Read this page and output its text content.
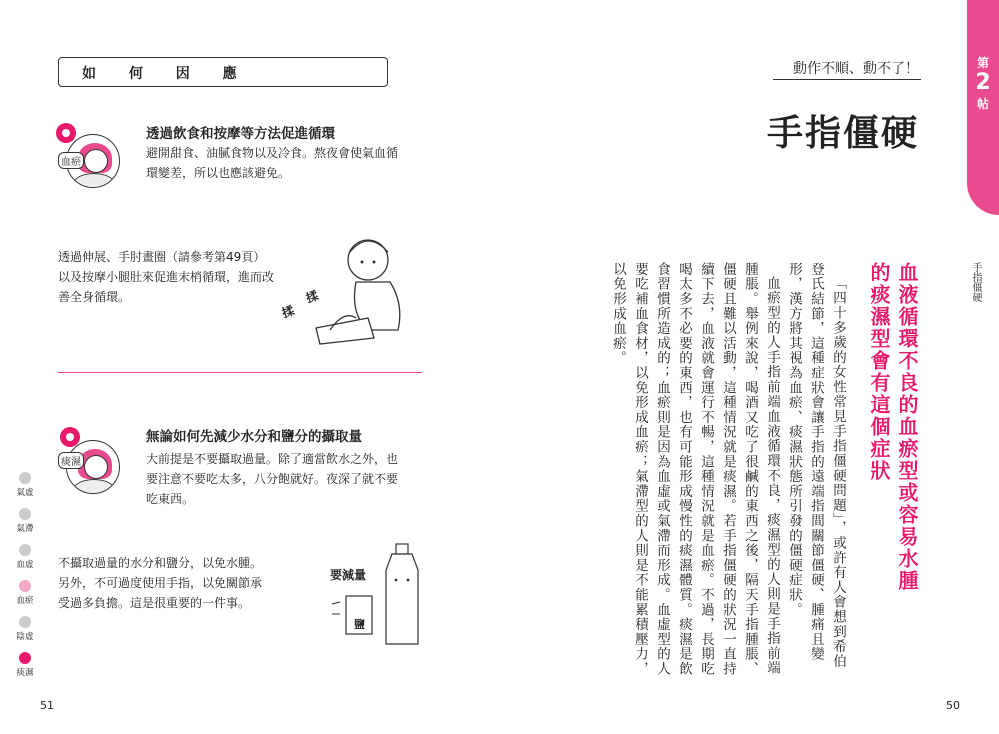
如 何 因 應
血瘀
透過飲食和按摩等方法促進循環
避開甜食、油膩食物以及冷食。熬夜會使氣血循環變差，所以也應該避免。
透過伸展、手肘畫圈（請參考第49頁）以及按摩小腿肚來促進末梢循環，進而改善全身循環。
揉
揉
痰濕
無論如何先減少水分和鹽分的攝取量
大前提是不要攝取過量。除了適當飲水之外，也要注意不要吃太多，八分飽就好。夜深了就不要吃東西。
不攝取過量的水分和鹽分，以免水腫。另外，不可過度使用手指，以免關節承受過多負擔。這是很重要的一件事。
要減量
鹽
氣虛
氣滯
血虛
血瘀
陰虛
痰濕
51
第
2
帖
動作不順、動不了！
手指僵硬
手指僵硬
血液循環不良的血瘀型或容易水腫的痰濕型會有這個症狀

「四十多歲的女性常見手指僵硬問題」，或許有人會想到希伯登氏結節，這種症狀會讓手指的遠端指間關節僵硬、腫痛且變形，漢方將其視為血瘀、痰濕狀態所引發的僵硬症狀。

血瘀型的人手指前端血液循環不良，痰濕型的人則是手指前端腫脹。舉例來說，喝酒又吃了很鹹的東西之後，隔天手指腫脹、僵硬且難以活動，這種情況就是痰濕。若手指僵硬的狀況一直持續下去，血液就會運行不暢，這種情況就是血瘀。不過，長期吃喝太多不必要的東西，也有可能形成慢性的痰濕體質。痰濕是飲食習慣所造成的；血瘀則是因為血虛或氣滯而形成。血虛型的人要吃補血食材，以免形成血瘀；氣滯型的人則是不能累積壓力，以免形成血瘀。

50
